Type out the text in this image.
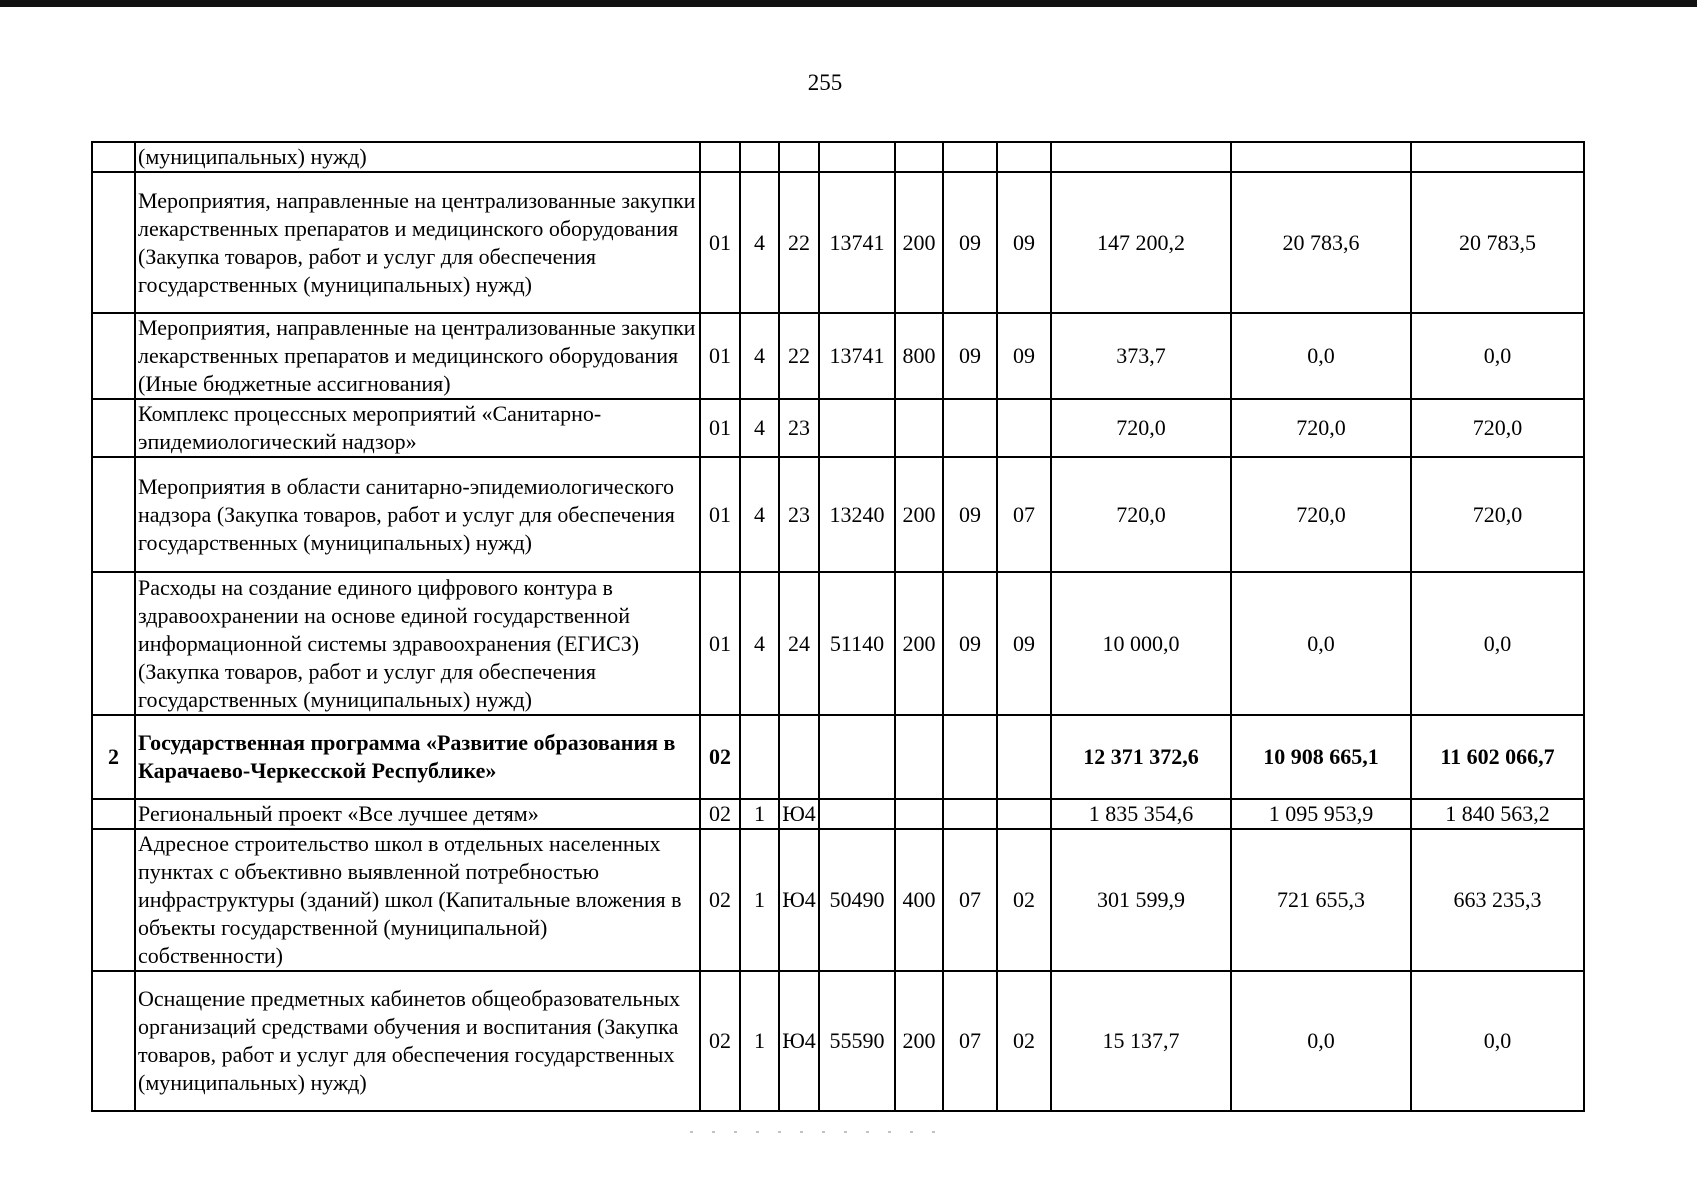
255
	(муниципальных) нужд)										
	Мероприятия, направленные на централизованные закупки лекарственных препаратов и медицинского оборудования (Закупка товаров, работ и услуг для обеспечения государственных (муниципальных) нужд)	01	4	22	13741	200	09	09	147 200,2	20 783,6	20 783,5
	Мероприятия, направленные на централизованные закупки лекарственных препаратов и медицинского оборудования (Иные бюджетные ассигнования)	01	4	22	13741	800	09	09	373,7	0,0	0,0
	Комплекс процессных мероприятий «Санитарно-эпидемиологический надзор»	01	4	23					720,0	720,0	720,0
	Мероприятия в области санитарно-эпидемиологического надзора (Закупка товаров, работ и услуг для обеспечения государственных (муниципальных) нужд)	01	4	23	13240	200	09	07	720,0	720,0	720,0
	Расходы на создание единого цифрового контура в здравоохранении на основе единой государственной информационной системы здравоохранения (ЕГИСЗ) (Закупка товаров, работ и услуг для обеспечения государственных (муниципальных) нужд)	01	4	24	51140	200	09	09	10 000,0	0,0	0,0
2	Государственная программа «Развитие образования в Карачаево-Черкесской Республике»	02							12 371 372,6	10 908 665,1	11 602 066,7
	Региональный проект «Все лучшее детям»	02	1	Ю4					1 835 354,6	1 095 953,9	1 840 563,2
	Адресное строительство школ в отдельных населенных пунктах с объективно выявленной потребностью инфраструктуры (зданий) школ (Капитальные вложения в объекты государственной (муниципальной) собственности)	02	1	Ю4	50490	400	07	02	301 599,9	721 655,3	663 235,3
	Оснащение предметных кабинетов общеобразовательных организаций средствами обучения и воспитания (Закупка товаров, работ и услуг для обеспечения государственных (муниципальных) нужд)	02	1	Ю4	55590	200	07	02	15 137,7	0,0	0,0
